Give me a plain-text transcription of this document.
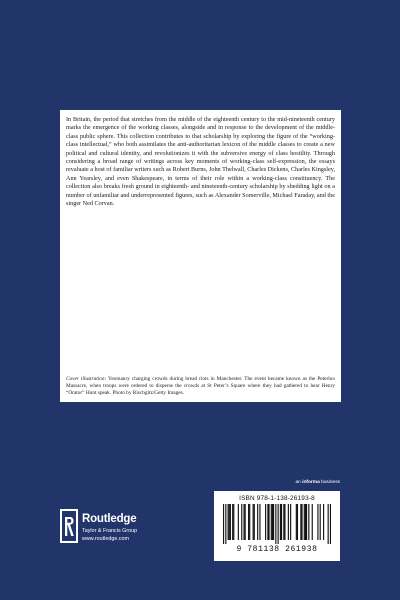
In Britain, the period that stretches from the middle of the eighteenth century to the mid-nineteenth century marks the emergence of the working classes, alongside and in response to the development of the middle-class public sphere. This collection contributes to that scholarship by exploring the figure of the “working-class intellectual,” who both assimilates the anti-authoritarian lexicon of the middle classes to create a new political and cultural identity, and revolutionizes it with the subversive energy of class hostility. Through considering a broad range of writings across key moments of working-class self-expression, the essays revaluate a host of familiar writers such as Robert Burns, John Thelwall, Charles Dickens, Charles Kingsley, Ann Yearsley, and even Shakespeare, in terms of their role within a working-class constituency. The collection also breaks fresh ground in eighteenth- and nineteenth-century scholarship by shedding light on a number of unfamiliar and underrepresented figures, such as Alexander Somerville, Michael Faraday, and the singer Ned Corvan.

Cover illustration: Yeomanry charging crowds during bread riots in Manchester. The event became known as the Peterloo Massacre, when troops were ordered to disperse the crowds at St Peter’s Square where they had gathered to hear Henry “Orator” Hunt speak. Photo by Rischgitz/Getty Images.

an informa business
ISBN 978-1-138-26193-8
9 781138 261938
Routledge
Taylor & Francis Group
www.routledge.com
